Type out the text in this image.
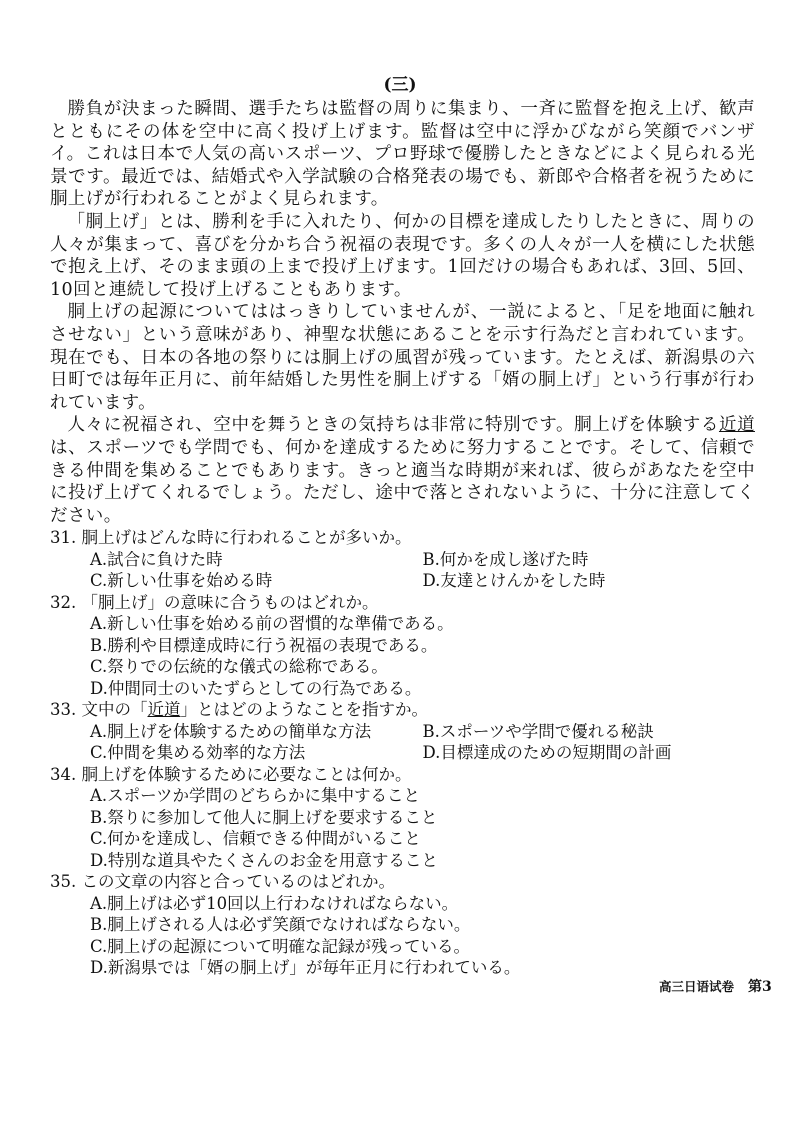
(三)

勝負が決まった瞬間、選手たちは監督の周りに集まり、一斉に監督を抱え上げ、歓声とともにその体を空中に高く投げ上げます。監督は空中に浮かびながら笑顔でバンザイ。これは日本で人気の高いスポーツ、プロ野球で優勝したときなどによく見られる光景です。最近では、結婚式や入学試験の合格発表の場でも、新郎や合格者を祝うために胴上げが行われることがよく見られます。

「胴上げ」とは、勝利を手に入れたり、何かの目標を達成したりしたときに、周りの人々が集まって、喜びを分かち合う祝福の表現です。多くの人々が一人を横にした状態で抱え上げ、そのまま頭の上まで投げ上げます。1回だけの場合もあれば、3回、5回、10回と連続して投げ上げることもあります。

胴上げの起源についてははっきりしていませんが、一説によると、「足を地面に触れさせない」という意味があり、神聖な状態にあることを示す行為だと言われています。現在でも、日本の各地の祭りには胴上げの風習が残っています。たとえば、新潟県の六日町では毎年正月に、前年結婚した男性を胴上げする「婿の胴上げ」という行事が行われています。

人々に祝福され、空中を舞うときの気持ちは非常に特別です。胴上げを体験する近道は、スポーツでも学問でも、何かを達成するために努力することです。そして、信頼できる仲間を集めることでもあります。きっと適当な時期が来れば、彼らがあなたを空中に投げ上げてくれるでしょう。ただし、途中で落とされないように、十分に注意してください。

31. 胴上げはどんな時に行われることが多いか。
A.試合に負けた時	B.何かを成し遂げた時
C.新しい仕事を始める時	D.友達とけんかをした時
32. 「胴上げ」の意味に合うものはどれか。
A.新しい仕事を始める前の習慣的な準備である。
B.勝利や目標達成時に行う祝福の表現である。
C.祭りでの伝統的な儀式の総称である。
D.仲間同士のいたずらとしての行為である。
33. 文中の「近道」とはどのようなことを指すか。
A.胴上げを体験するための簡単な方法	B.スポーツや学問で優れる秘訣
C.仲間を集める効率的な方法	D.目標達成のための短期間の計画
34. 胴上げを体験するために必要なことは何か。
A.スポーツか学問のどちらかに集中すること
B.祭りに参加して他人に胴上げを要求すること
C.何かを達成し、信頼できる仲間がいること
D.特別な道具やたくさんのお金を用意すること
35. この文章の内容と合っているのはどれか。
A.胴上げは必ず10回以上行わなければならない。
B.胴上げされる人は必ず笑顔でなければならない。
C.胴上げの起源について明確な記録が残っている。
D.新潟県では「婿の胴上げ」が毎年正月に行われている。
高三日语试卷 第3
